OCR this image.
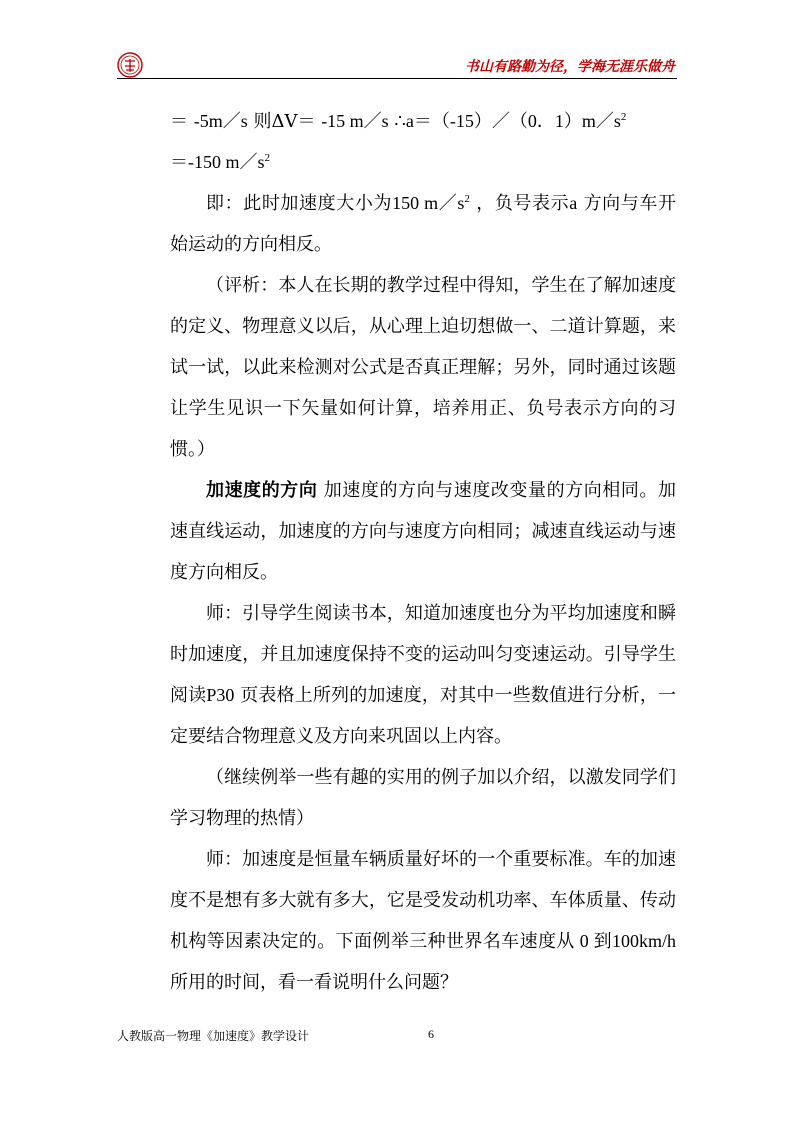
书山有路勤为径，学海无涯乐做舟
＝ -5m／s 则ΔV＝ -15 m／s ∴a＝（-15）／（0．$1)m/s^2$
＝-150 $m/s^2$
即：此时加速度大小为150 $m/s^2$ ，负号表示a 方向与车开始运动的方向相反。
（评析：本人在长期的教学过程中得知，学生在了解加速度的定义、物理意义以后，从心理上迫切想做一、二道计算题，来试一试，以此来检测对公式是否真正理解；另外，同时通过该题让学生见识一下矢量如何计算，培养用正、负号表示方向的习惯。）
加速度的方向 加速度的方向与速度改变量的方向相同。加速直线运动，加速度的方向与速度方向相同；减速直线运动与速度方向相反。
师：引导学生阅读书本，知道加速度也分为平均加速度和瞬时加速度，并且加速度保持不变的运动叫匀变速运动。引导学生阅读P30 页表格上所列的加速度，对其中一些数值进行分析，一定要结合物理意义及方向来巩固以上内容。
（继续例举一些有趣的实用的例子加以介绍，以激发同学们学习物理的热情）
师：加速度是恒量车辆质量好坏的一个重要标准。车的加速度不是想有多大就有多大，它是受发动机功率、车体质量、传动机构等因素决定的。下面例举三种世界名车速度从 0 到100km/h 所用的时间，看一看说明什么问题？
人教版高一物理《加速度》教学设计	6
